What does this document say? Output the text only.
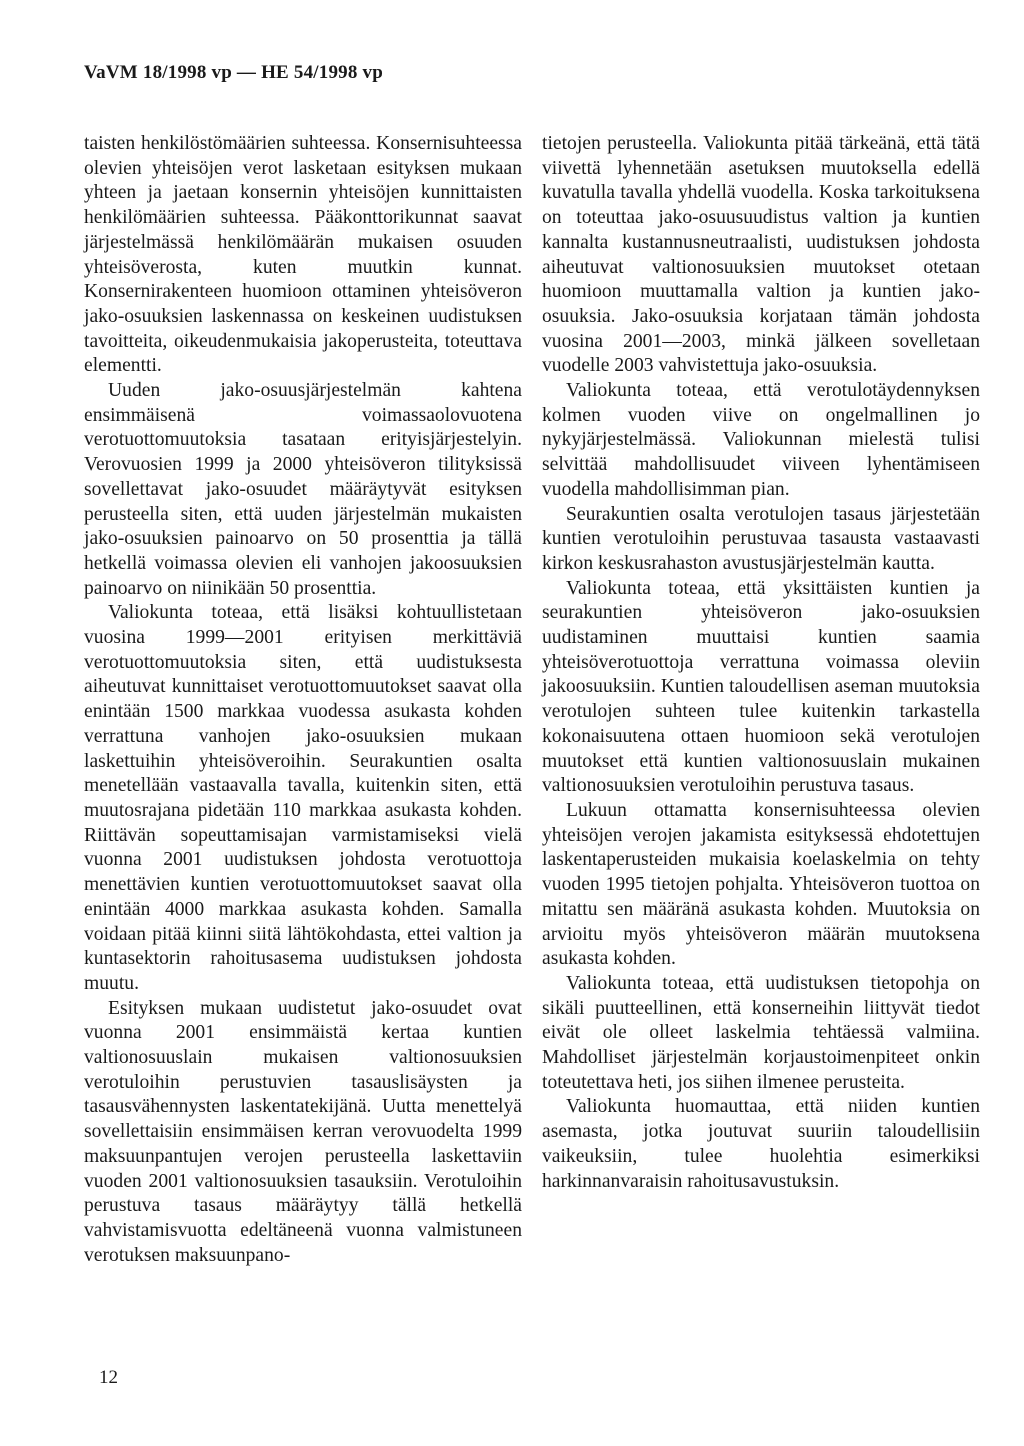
VaVM 18/1998 vp — HE 54/1998 vp

taisten henkilöstömäärien suhteessa. Konsernisuhteessa olevien yhteisöjen verot lasketaan esityksen mukaan yhteen ja jaetaan konsernin yhteisöjen kunnittaisten henkilömäärien suhteessa. Pääkonttorikunnat saavat järjestelmässä henkilömäärän mukaisen osuuden yhteisöverosta, kuten muutkin kunnat. Konsernirakenteen huomioon ottaminen yhteisöveron jako-osuuksien laskennassa on keskeinen uudistuksen tavoitteita, oikeudenmukaisia jakoperusteita, toteuttava elementti.

Uuden jako-osuusjärjestelmän kahtena ensimmäisenä voimassaolovuotena verotuottomuutoksia tasataan erityisjärjestelyin. Verovuosien 1999 ja 2000 yhteisöveron tilityksissä sovellettavat jako-osuudet määräytyvät esityksen perusteella siten, että uuden järjestelmän mukaisten jako-osuuksien painoarvo on 50 prosenttia ja tällä hetkellä voimassa olevien eli vanhojen jakoosuuksien painoarvo on niinikään 50 prosenttia.

Valiokunta toteaa, että lisäksi kohtuullistetaan vuosina 1999—2001 erityisen merkittäviä verotuottomuutoksia siten, että uudistuksesta aiheutuvat kunnittaiset verotuottomuutokset saavat olla enintään 1500 markkaa vuodessa asukasta kohden verrattuna vanhojen jako-osuuksien mukaan laskettuihin yhteisöveroihin. Seurakuntien osalta menetellään vastaavalla tavalla, kuitenkin siten, että muutosrajana pidetään 110 markkaa asukasta kohden. Riittävän sopeuttamisajan varmistamiseksi vielä vuonna 2001 uudistuksen johdosta verotuottoja menettävien kuntien verotuottomuutokset saavat olla enintään 4000 markkaa asukasta kohden. Samalla voidaan pitää kiinni siitä lähtökohdasta, ettei valtion ja kuntasektorin rahoitusasema uudistuksen johdosta muutu.

Esityksen mukaan uudistetut jako-osuudet ovat vuonna 2001 ensimmäistä kertaa kuntien valtionosuuslain mukaisen valtionosuuksien verotuloihin perustuvien tasauslisäysten ja tasausvähennysten laskentatekijänä. Uutta menettelyä sovellettaisiin ensimmäisen kerran verovuodelta 1999 maksuunpantujen verojen perusteella laskettaviin vuoden 2001 valtionosuuksien tasauksiin. Verotuloihin perustuva tasaus määräytyy tällä hetkellä vahvistamisvuotta edeltäneenä vuonna valmistuneen verotuksen maksuunpano-

tietojen perusteella. Valiokunta pitää tärkeänä, että tätä viivettä lyhennetään asetuksen muutoksella edellä kuvatulla tavalla yhdellä vuodella. Koska tarkoituksena on toteuttaa jako-osuusuudistus valtion ja kuntien kannalta kustannusneutraalisti, uudistuksen johdosta aiheutuvat valtionosuuksien muutokset otetaan huomioon muuttamalla valtion ja kuntien jako-osuuksia. Jako-osuuksia korjataan tämän johdosta vuosina 2001—2003, minkä jälkeen sovelletaan vuodelle 2003 vahvistettuja jako-osuuksia.

Valiokunta toteaa, että verotulotäydennyksen kolmen vuoden viive on ongelmallinen jo nykyjärjestelmässä. Valiokunnan mielestä tulisi selvittää mahdollisuudet viiveen lyhentämiseen vuodella mahdollisimman pian.

Seurakuntien osalta verotulojen tasaus järjestetään kuntien verotuloihin perustuvaa tasausta vastaavasti kirkon keskusrahaston avustusjärjestelmän kautta.

Valiokunta toteaa, että yksittäisten kuntien ja seurakuntien yhteisöveron jako-osuuksien uudistaminen muuttaisi kuntien saamia yhteisöverotuottoja verrattuna voimassa oleviin jakoosuuksiin. Kuntien taloudellisen aseman muutoksia verotulojen suhteen tulee kuitenkin tarkastella kokonaisuutena ottaen huomioon sekä verotulojen muutokset että kuntien valtionosuuslain mukainen valtionosuuksien verotuloihin perustuva tasaus.

Lukuun ottamatta konsernisuhteessa olevien yhteisöjen verojen jakamista esityksessä ehdotettujen laskentaperusteiden mukaisia koelaskelmia on tehty vuoden 1995 tietojen pohjalta. Yhteisöveron tuottoa on mitattu sen määränä asukasta kohden. Muutoksia on arvioitu myös yhteisöveron määrän muutoksena asukasta kohden.

Valiokunta toteaa, että uudistuksen tietopohja on sikäli puutteellinen, että konserneihin liittyvät tiedot eivät ole olleet laskelmia tehtäessä valmiina. Mahdolliset järjestelmän korjaustoimenpiteet onkin toteutettava heti, jos siihen ilmenee perusteita.

Valiokunta huomauttaa, että niiden kuntien asemasta, jotka joutuvat suuriin taloudellisiin vaikeuksiin, tulee huolehtia esimerkiksi harkinnanvaraisin rahoitusavustuksin.

12
